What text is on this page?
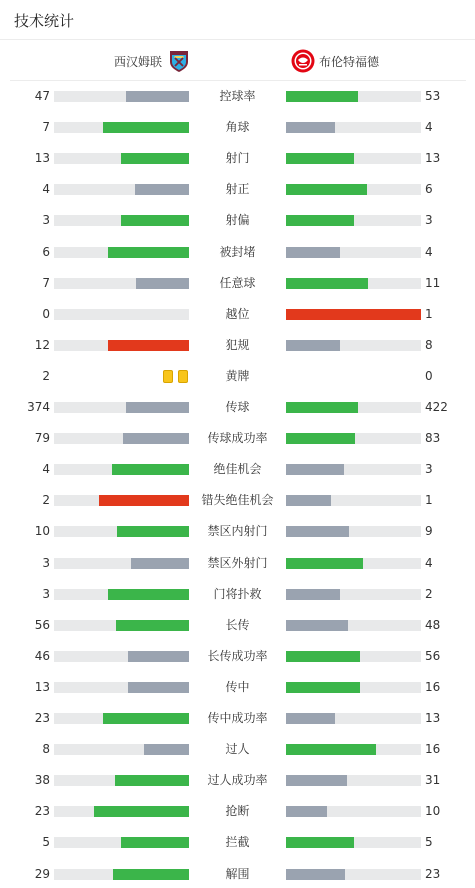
技术统计
西汉姆联	布伦特福德
47	控球率	53
7	角球	4
13	射门	13
4	射正	6
3	射偏	3
6	被封堵	4
7	任意球	11
0	越位	1
12	犯规	8
2	黄牌	0
374	传球	422
79	传球成功率	83
4	绝佳机会	3
2	错失绝佳机会	1
10	禁区内射门	9
3	禁区外射门	4
3	门将扑救	2
56	长传	48
46	长传成功率	56
13	传中	16
23	传中成功率	13
8	过人	16
38	过人成功率	31
23	抢断	10
5	拦截	5
29	解围	23
